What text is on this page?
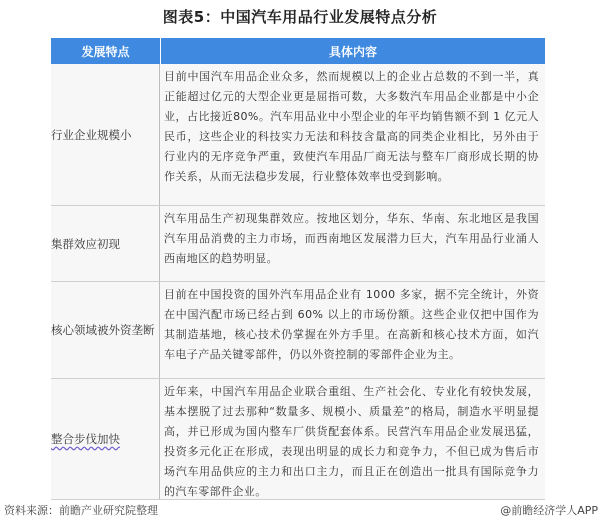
图表5：中国汽车用品行业发展特点分析
发展特点	具体内容
行业企业规模小
目前中国汽车用品企业众多，然而规模以上的企业占总数的不到一半，真正能超过亿元的大型企业更是屈指可数，大多数汽车用品企业都是中小企业，占比接近80%。汽车用品业中小型企业的年平均销售额不到 1 亿元人民币，这些企业的科技实力无法和科技含量高的同类企业相比，另外由于行业内的无序竞争严重，致使汽车用品厂商无法与整车厂商形成长期的协作关系，从而无法稳步发展，行业整体效率也受到影响。
集群效应初现
汽车用品生产初现集群效应。按地区划分，华东、华南、东北地区是我国汽车用品消费的主力市场，而西南地区发展潜力巨大，汽车用品行业涌人西南地区的趋势明显。
核心领域被外资垄断
目前在中国投资的国外汽车用品企业有 1000 多家，据不完全统计，外资在中国汽配市场已经占到 60% 以上的市场份额。这些企业仅把中国作为其制造基地，核心技术仍掌握在外方手里。在高新和核心技术方面，如汽车电子产品关键零部件，仍以外资控制的零部件企业为主。
整合步伐加快
近年来，中国汽车用品企业联合重组、生产社会化、专业化有较快发展，基本摆脱了过去那种“数量多、规模小、质量差”的格局，制造水平明显提高，并已形成为国内整车厂供货配套体系。民营汽车用品企业发展迅猛，投资多元化正在形成，表现出明显的成长力和竞争力，不但已成为售后市场汽车用品供应的主力和出口主力，而且正在创造出一批具有国际竞争力的汽车零部件企业。
资料来源：前瞻产业研究院整理	@前瞻经济学人APP
